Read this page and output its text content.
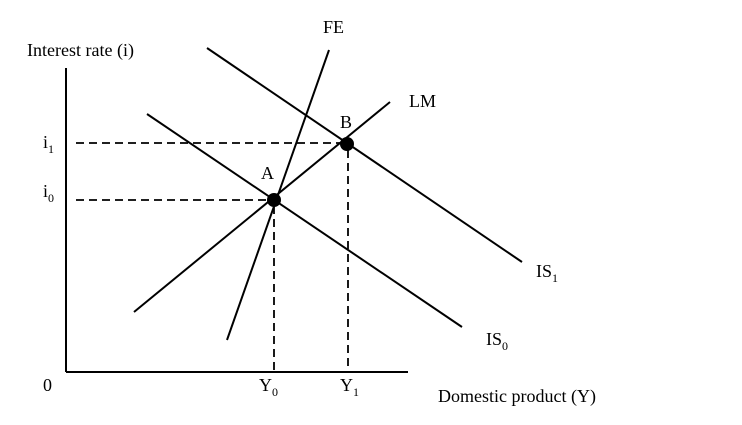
Interest rate (i)
Domestic product (Y)
0
FE
LM
$IS_1$
$IS_0$
A
B
$i_1$
$i_0$
$Y_0$	$Y_1$
